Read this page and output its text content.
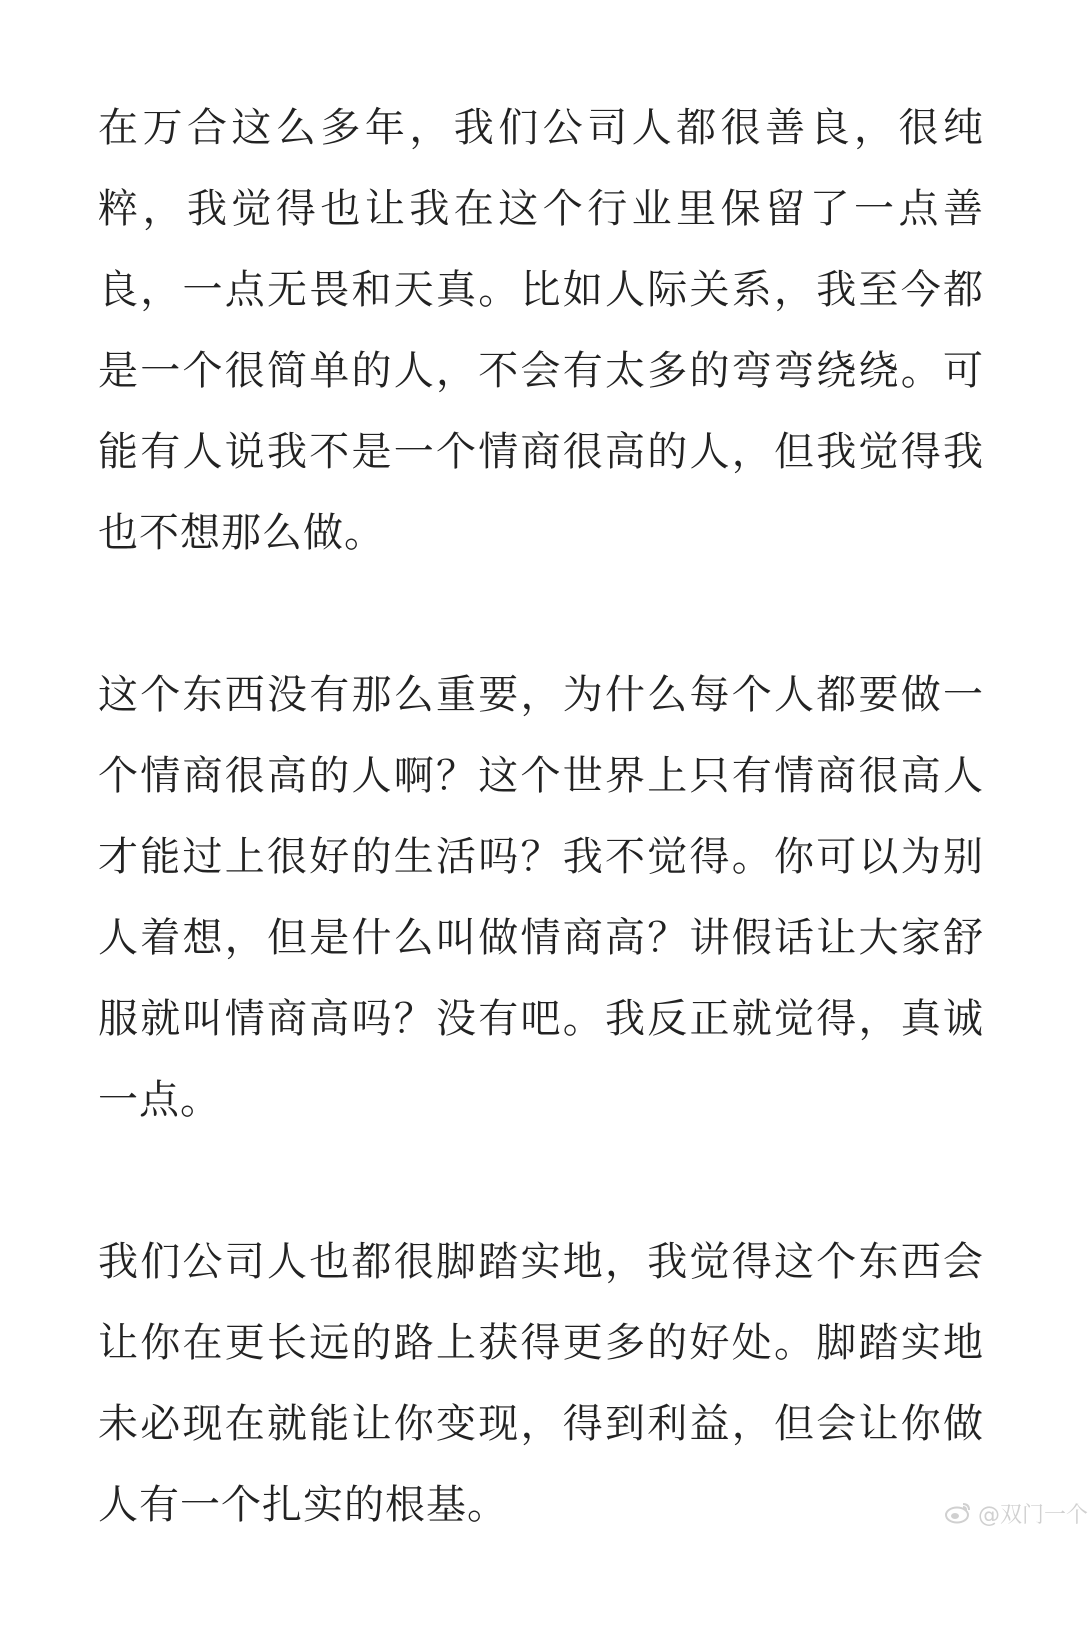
在万合这么多年，我们公司人都很善良，很纯粹，我觉得也让我在这个行业里保留了一点善良，一点无畏和天真。比如人际关系，我至今都是一个很简单的人，不会有太多的弯弯绕绕。可能有人说我不是一个情商很高的人，但我觉得我也不想那么做。

这个东西没有那么重要，为什么每个人都要做一个情商很高的人啊？这个世界上只有情商很高人才能过上很好的生活吗？我不觉得。你可以为别人着想，但是什么叫做情商高？讲假话让大家舒服就叫情商高吗？没有吧。我反正就觉得，真诚一点。

我们公司人也都很脚踏实地，我觉得这个东西会让你在更长远的路上获得更多的好处。脚踏实地未必现在就能让你变现，得到利益，但会让你做人有一个扎实的根基。	@双门一个
